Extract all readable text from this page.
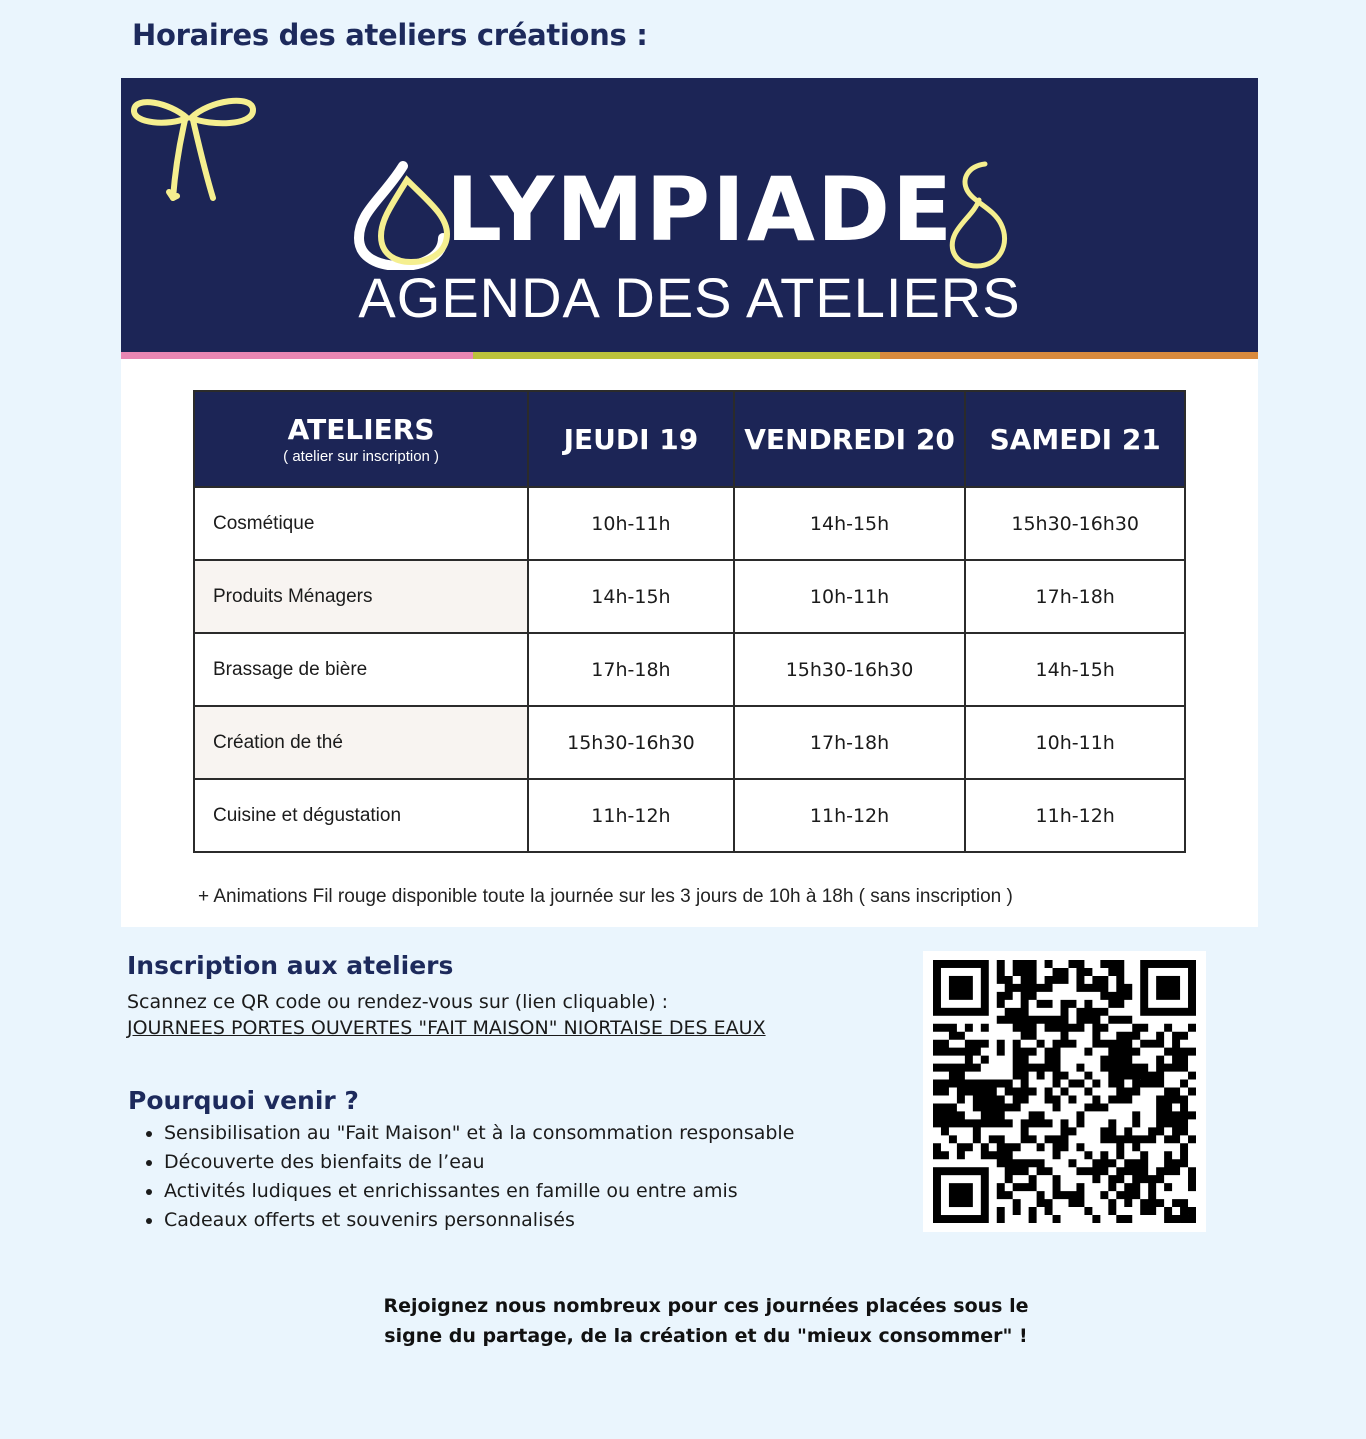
Horaires des ateliers créations :
LYMPIADE
AGENDA DES ATELIERS
ATELIERS
( atelier sur inscription )	JEUDI 19	VENDREDI 20	SAMEDI 21
Cosmétique	10h-11h	14h-15h	15h30-16h30
Produits Ménagers	14h-15h	10h-11h	17h-18h
Brassage de bière	17h-18h	15h30-16h30	14h-15h
Création de thé	15h30-16h30	17h-18h	10h-11h
Cuisine et dégustation	11h-12h	11h-12h	11h-12h
+ Animations Fil rouge disponible toute la journée sur les 3 jours de 10h à 18h ( sans inscription )
Inscription aux ateliers
Scannez ce QR code ou rendez-vous sur (lien cliquable) :
JOURNEES PORTES OUVERTES "FAIT MAISON" NIORTAISE DES EAUX
Pourquoi venir ?
• Sensibilisation au "Fait Maison" et à la consommation responsable
• Découverte des bienfaits de l’eau
• Activités ludiques et enrichissantes en famille ou entre amis
• Cadeaux offerts et souvenirs personnalisés
Rejoignez nous nombreux pour ces journées placées sous le
signe du partage, de la création et du "mieux consommer" !
